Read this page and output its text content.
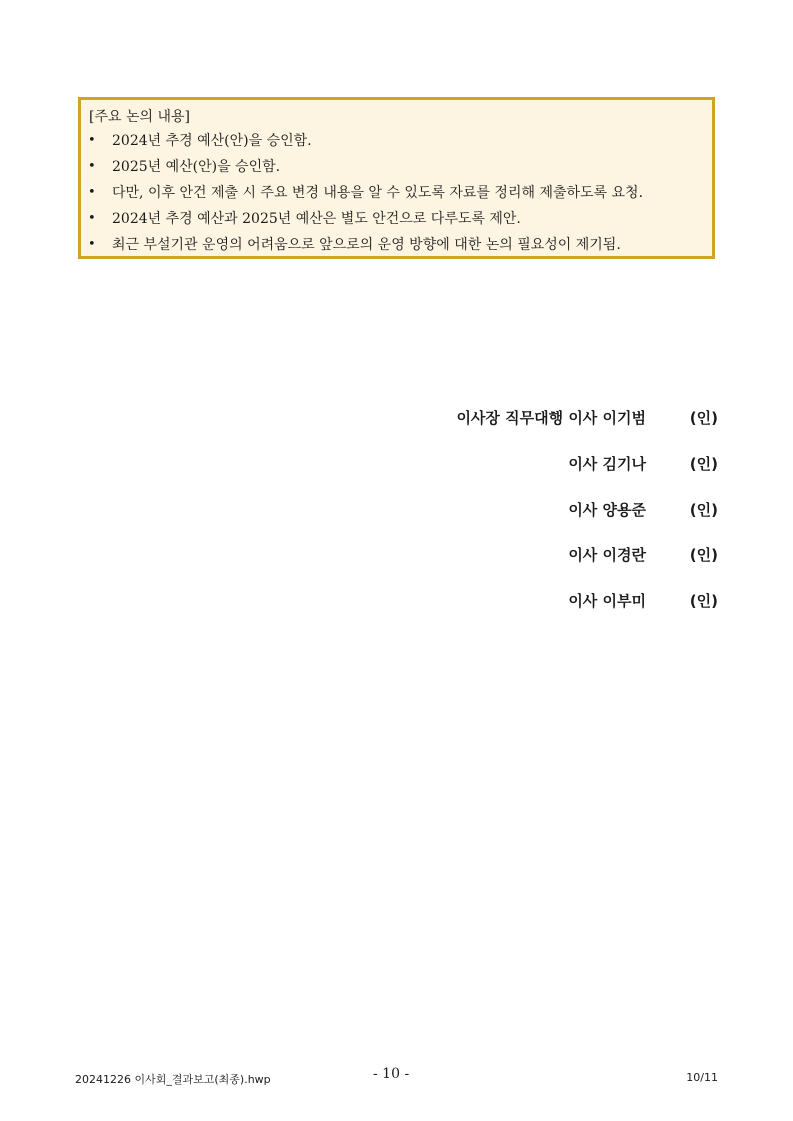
[주요 논의 내용]
• 2024년 추경 예산(안)을 승인함.
• 2025년 예산(안)을 승인함.
• 다만, 이후 안건 제출 시 주요 변경 내용을 알 수 있도록 자료를 정리해 제출하도록 요청.
• 2024년 추경 예산과 2025년 예산은 별도 안건으로 다루도록 제안.
• 최근 부설기관 운영의 어려움으로 앞으로의 운영 방향에 대한 논의 필요성이 제기됨.
이사장 직무대행 이사 이기범	(인)
이사 김기나	(인)
이사 양용준	(인)
이사 이경란	(인)
이사 이부미	(인)
20241226 이사회_결과보고(최종).hwp	- 10 -	10/11
